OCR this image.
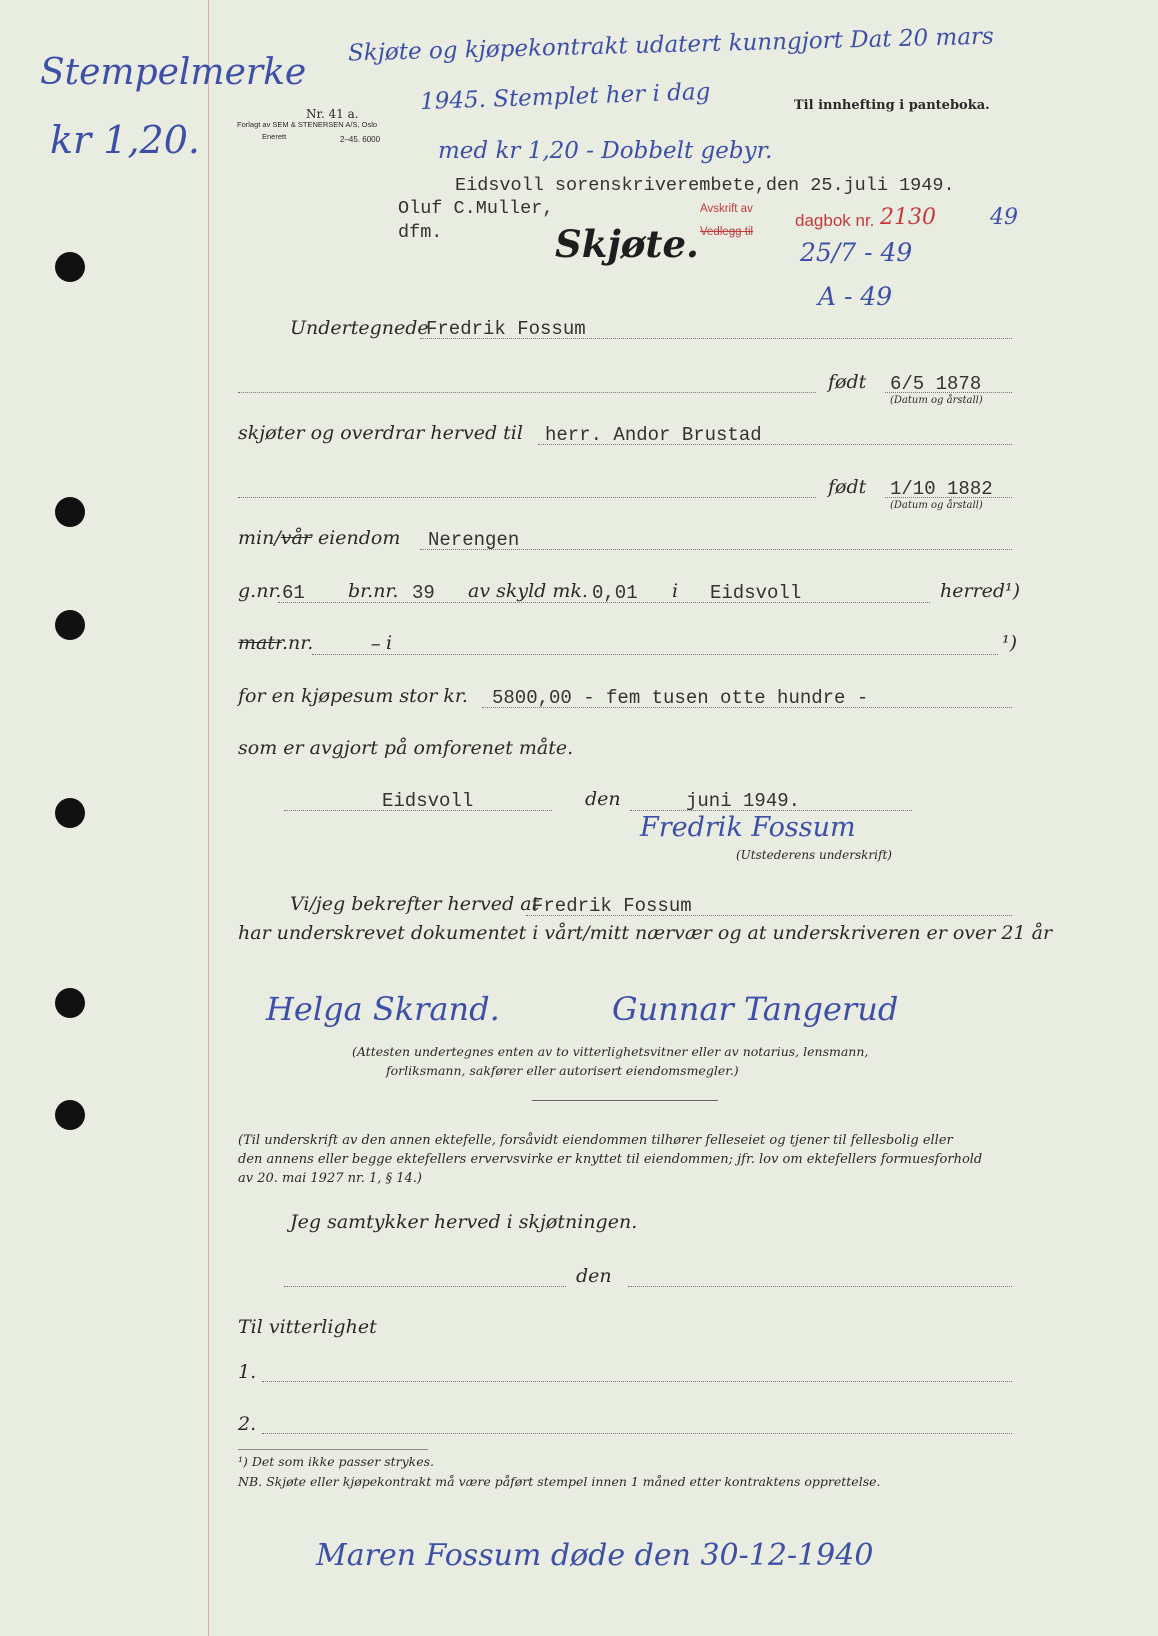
Stempelmerke
kr 1,20.
Skjøte og kjøpekontrakt udatert kunngjort Dat 20 mars
1945. Stemplet her i dag
med kr 1,20 - Dobbelt gebyr.
Nr. 41 a.
Forlagt av SEM & STENERSEN A/S, Oslo
Enerett	2–45. 6000
Til innhefting i panteboka.
Eidsvoll sorenskriverembete,den 25.juli 1949.
Oluf C.Muller,
dfm.	Skjøte.
Avskrift av
Vedlegg til
dagbok nr. 2130 49
25/7 - 49
A - 49
Undertegnede
Fredrik Fossum
født 6/5 1878
(Datum og årstall)
skjøter og overdrar herved til herr. Andor Brustad
født 1/10 1882
(Datum og årstall)
min/vår eiendom Nerengen
g.nr. 61 br.nr. 39 av skyld mk. 0,01 i Eidsvoll	herred¹)
matr.nr.	– i	¹)
for en kjøpesum stor kr. 5800,00 - fem tusen otte hundre -
som er avgjort på omforenet måte.
Eidsvoll	den	juni 1949.
Fredrik Fossum
(Utstederens underskrift)
Vi/jeg bekrefter herved at
Fredrik Fossum
har underskrevet dokumentet i vårt/mitt nærvær og at underskriveren er over 21 år
Helga Skrand.	Gunnar Tangerud
(Attesten undertegnes enten av to vitterlighetsvitner eller av notarius, lensmann,
forliksmann, sakfører eller autorisert eiendomsmegler.)
(Til underskrift av den annen ektefelle, forsåvidt eiendommen tilhører felleseiet og tjener til fellesbolig eller
den annens eller begge ektefellers ervervsvirke er knyttet til eiendommen; jfr. lov om ektefellers formuesforhold
av 20. mai 1927 nr. 1, § 14.)
Jeg samtykker herved i skjøtningen.
den
Til vitterlighet
1.
2.
¹) Det som ikke passer strykes.
NB. Skjøte eller kjøpekontrakt må være påført stempel innen 1 måned etter kontraktens opprettelse.
Maren Fossum døde den 30-12-1940
